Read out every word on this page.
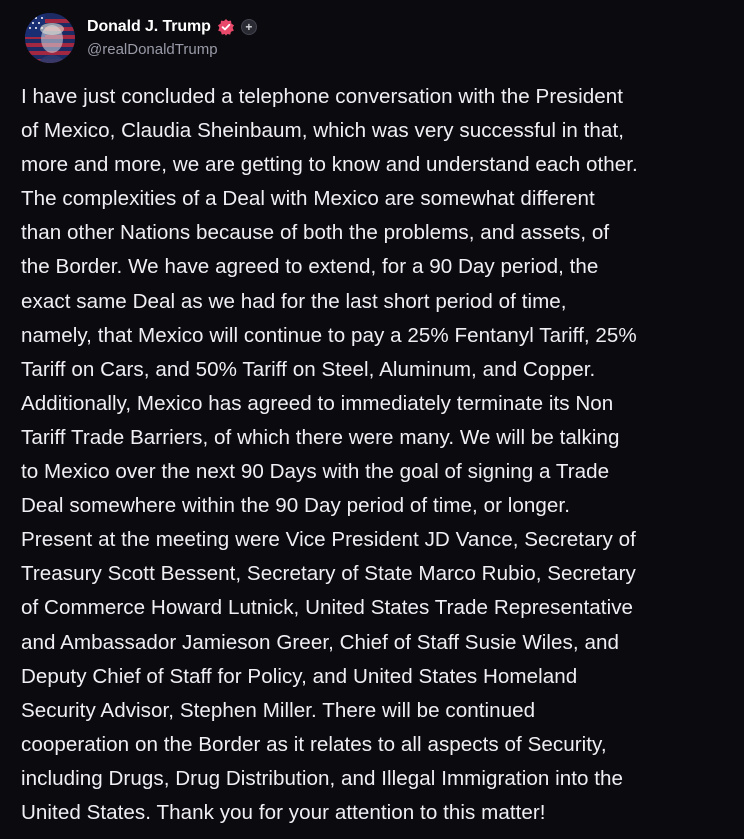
Donald J. Trump	+
@realDonaldTrump
I have just concluded a telephone conversation with the President
of Mexico, Claudia Sheinbaum, which was very successful in that,
more and more, we are getting to know and understand each other.
The complexities of a Deal with Mexico are somewhat different
than other Nations because of both the problems, and assets, of
the Border. We have agreed to extend, for a 90 Day period, the
exact same Deal as we had for the last short period of time,
namely, that Mexico will continue to pay a 25% Fentanyl Tariff, 25%
Tariff on Cars, and 50% Tariff on Steel, Aluminum, and Copper.
Additionally, Mexico has agreed to immediately terminate its Non
Tariff Trade Barriers, of which there were many. We will be talking
to Mexico over the next 90 Days with the goal of signing a Trade
Deal somewhere within the 90 Day period of time, or longer.
Present at the meeting were Vice President JD Vance, Secretary of
Treasury Scott Bessent, Secretary of State Marco Rubio, Secretary
of Commerce Howard Lutnick, United States Trade Representative
and Ambassador Jamieson Greer, Chief of Staff Susie Wiles, and
Deputy Chief of Staff for Policy, and United States Homeland
Security Advisor, Stephen Miller. There will be continued
cooperation on the Border as it relates to all aspects of Security,
including Drugs, Drug Distribution, and Illegal Immigration into the
United States. Thank you for your attention to this matter!
